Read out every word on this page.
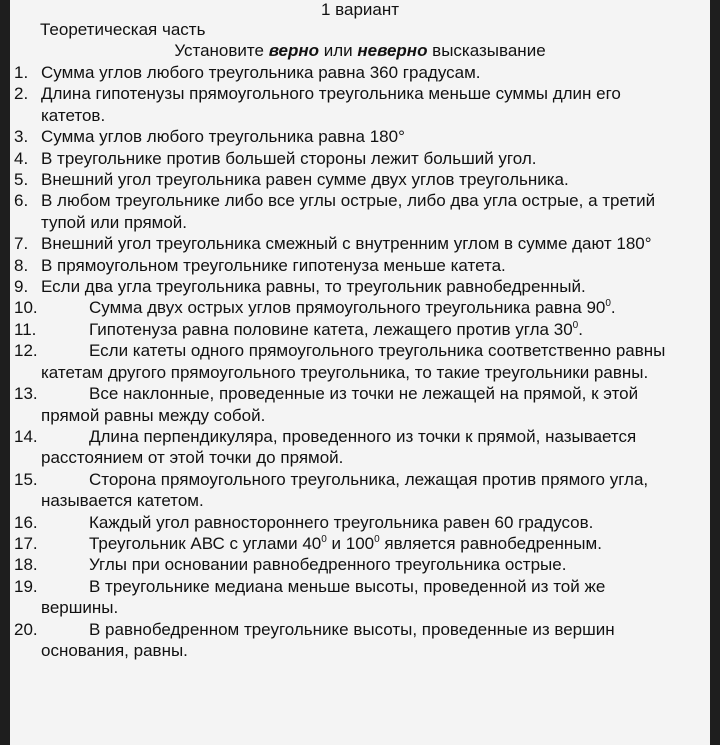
1 вариант
Теоретическая часть
Установите верно или неверно высказывание
1. Сумма углов любого треугольника равна 360 градусам.
2. Длина гипотенузы прямоугольного треугольника меньше суммы длин его катетов.
3. Сумма углов любого треугольника равна 180°
4. В треугольнике против большей стороны лежит больший угол.
5. Внешний угол треугольника равен сумме двух углов треугольника.
6. В любом треугольнике либо все углы острые, либо два угла острые, а третий тупой или прямой.
7. Внешний угол треугольника смежный с внутренним углом в сумме дают 180°
8. В прямоугольном треугольнике гипотенуза меньше катета.
9. Если два угла треугольника равны, то треугольник равнобедренный.
10.	Сумма двух острых углов прямоугольного треугольника равна $90^0$.
11.	Гипотенуза равна половине катета, лежащего против угла $30^0$.
12.	Если катеты одного прямоугольного треугольника соответственно равны катетам другого прямоугольного треугольника, то такие треугольники равны.
13.	Все наклонные, проведенные из точки не лежащей на прямой, к этой прямой равны между собой.
14.	Длина перпендикуляра, проведенного из точки к прямой, называется расстоянием от этой точки до прямой.
15.	Сторона прямоугольного треугольника, лежащая против прямого угла, называется катетом.
16.	Каждый угол равностороннего треугольника равен 60 градусов.
17.	Треугольник АВС с углами $40^0$ и $100^0$ является равнобедренным.
18.	Углы при основании равнобедренного треугольника острые.
19.	В треугольнике медиана меньше высоты, проведенной из той же вершины.
20.	В равнобедренном треугольнике высоты, проведенные из вершин основания, равны.
